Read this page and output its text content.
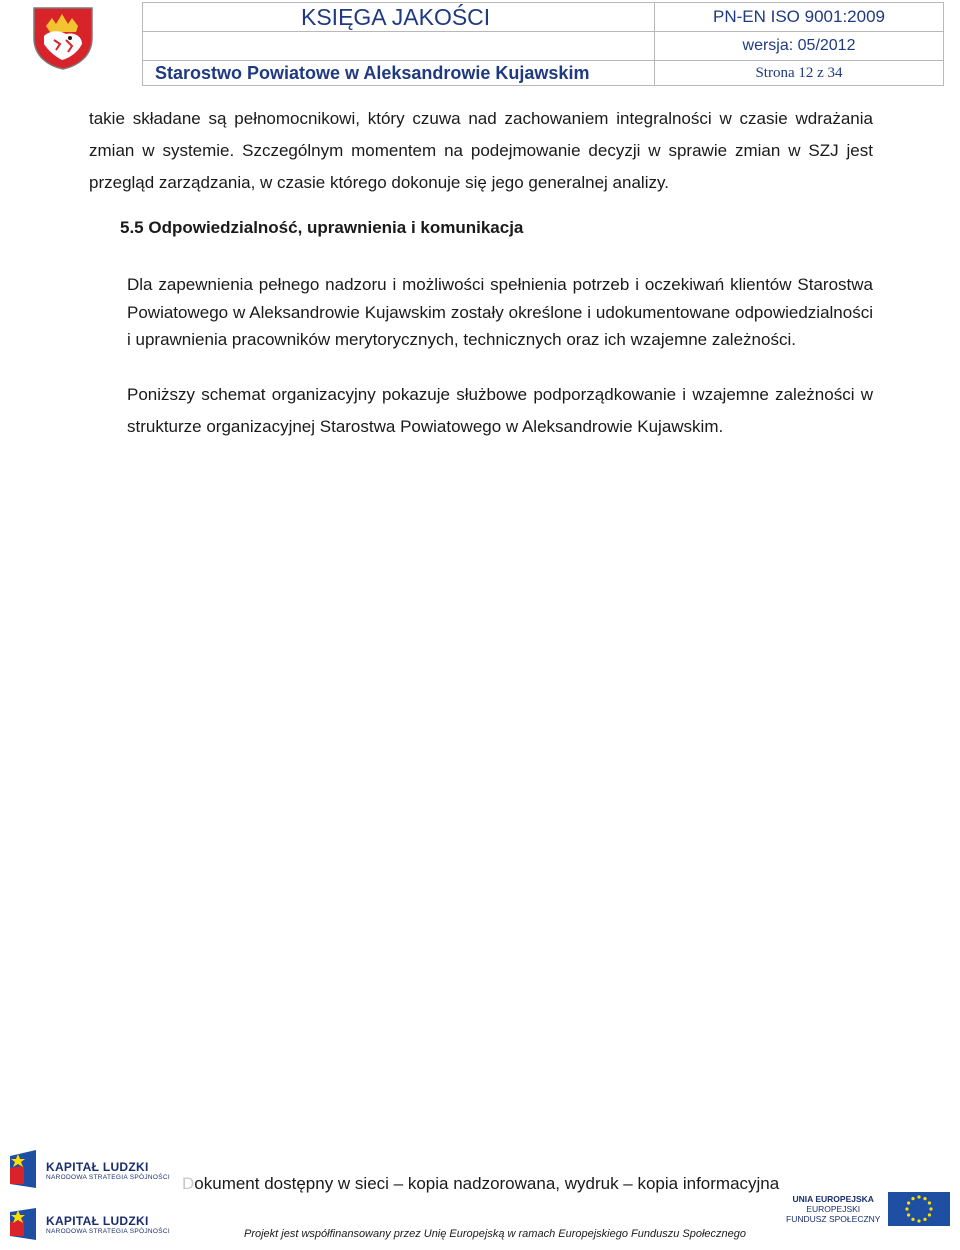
KSIĘGA JAKOŚCI	PN-EN ISO 9001:2009
	wersja: 05/2012
Starostwo Powiatowe w Aleksandrowie Kujawskim	Strona 12 z 34
takie składane są pełnomocnikowi, który czuwa nad zachowaniem integralności w czasie wdrażania zmian w systemie. Szczególnym momentem na podejmowanie decyzji w sprawie zmian w SZJ jest przegląd zarządzania, w czasie którego dokonuje się jego generalnej analizy.
5.5 Odpowiedzialność, uprawnienia i komunikacja
Dla zapewnienia pełnego nadzoru i możliwości spełnienia potrzeb i oczekiwań klientów Starostwa Powiatowego w Aleksandrowie Kujawskim zostały określone i udokumentowane odpowiedzialności i uprawnienia pracowników merytorycznych, technicznych oraz ich wzajemne zależności.
Poniższy schemat organizacyjny pokazuje służbowe podporządkowanie i wzajemne zależności w strukturze organizacyjnej Starostwa Powiatowego w Aleksandrowie Kujawskim.
KAPITAŁ LUDZKI
NARODOWA STRATEGIA SPÓJNOŚCI
KAPITAŁ LUDZKI
NARODOWA STRATEGIA SPÓJNOŚCI
Dokument dostępny w sieci – kopia nadzorowana, wydruk – kopia informacyjna
Projekt jest współfinansowany przez Unię Europejską w ramach Europejskiego Funduszu Społecznego
UNIA EUROPEJSKA
EUROPEJSKI
FUNDUSZ SPOŁECZNY
